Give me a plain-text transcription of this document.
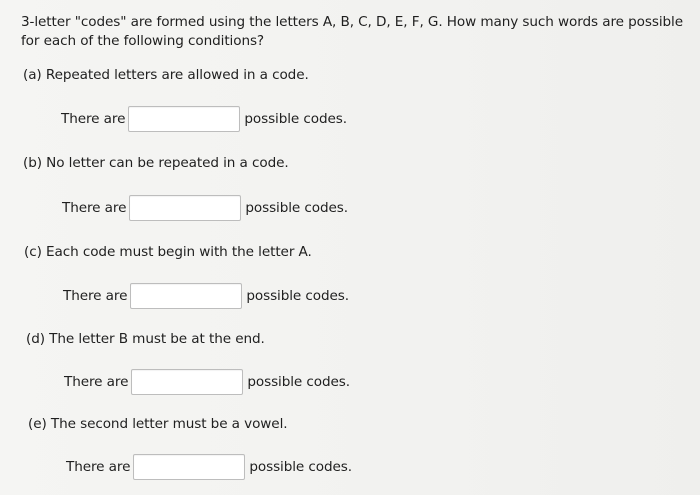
3-letter "codes" are formed using the letters A, B, C, D, E, F, G. How many such words are possible for each of the following conditions?
(a) Repeated letters are allowed in a code.
There are	possible codes.
(b) No letter can be repeated in a code.
There are	possible codes.
(c) Each code must begin with the letter A.
There are	possible codes.
(d) The letter B must be at the end.
There are	possible codes.
(e) The second letter must be a vowel.
There are	possible codes.
